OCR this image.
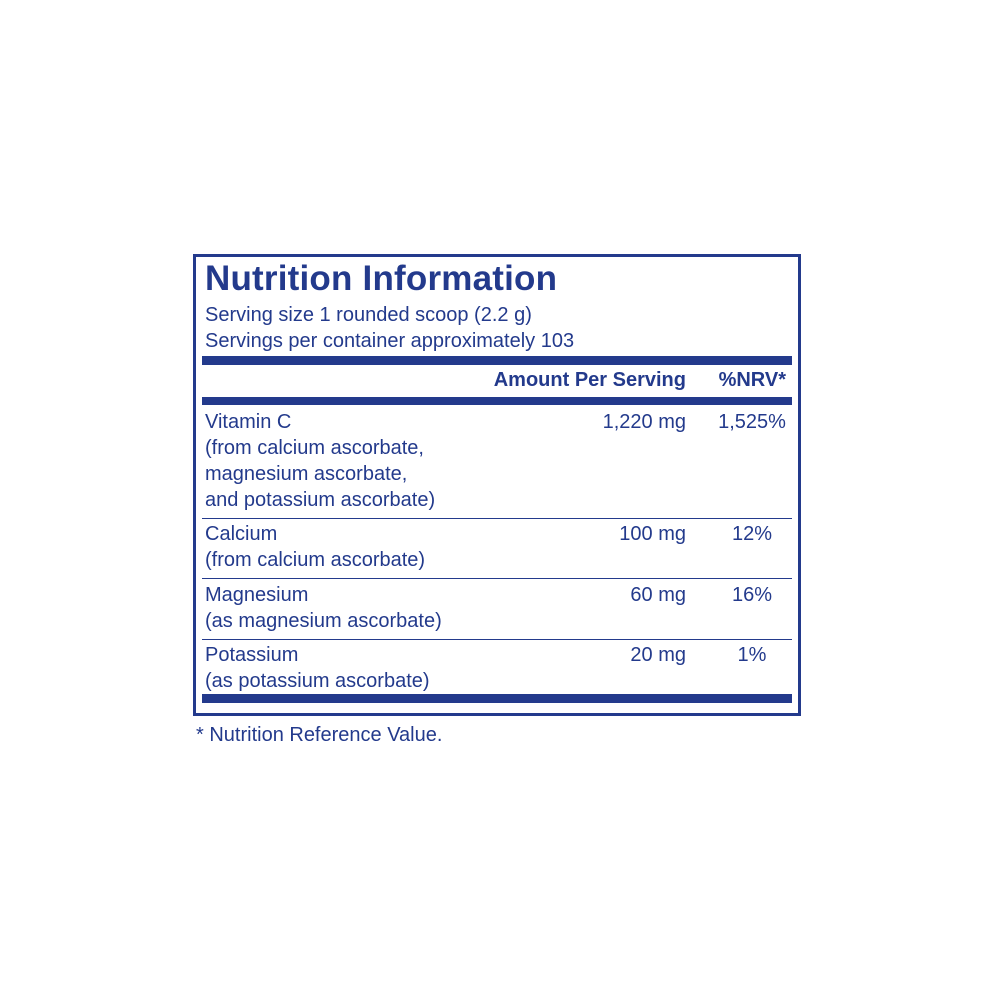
Nutrition Information
Serving size 1 rounded scoop (2.2 g)
Servings per container approximately 103
Amount Per Serving %NRV*
Vitamin C
(from calcium ascorbate,
magnesium ascorbate,
and potassium ascorbate)
1,220 mg	1,525%
Calcium
(from calcium ascorbate)
100 mg	12%
Magnesium
(as magnesium ascorbate)
60 mg	16%
Potassium
(as potassium ascorbate)
20 mg	1%
* Nutrition Reference Value.
